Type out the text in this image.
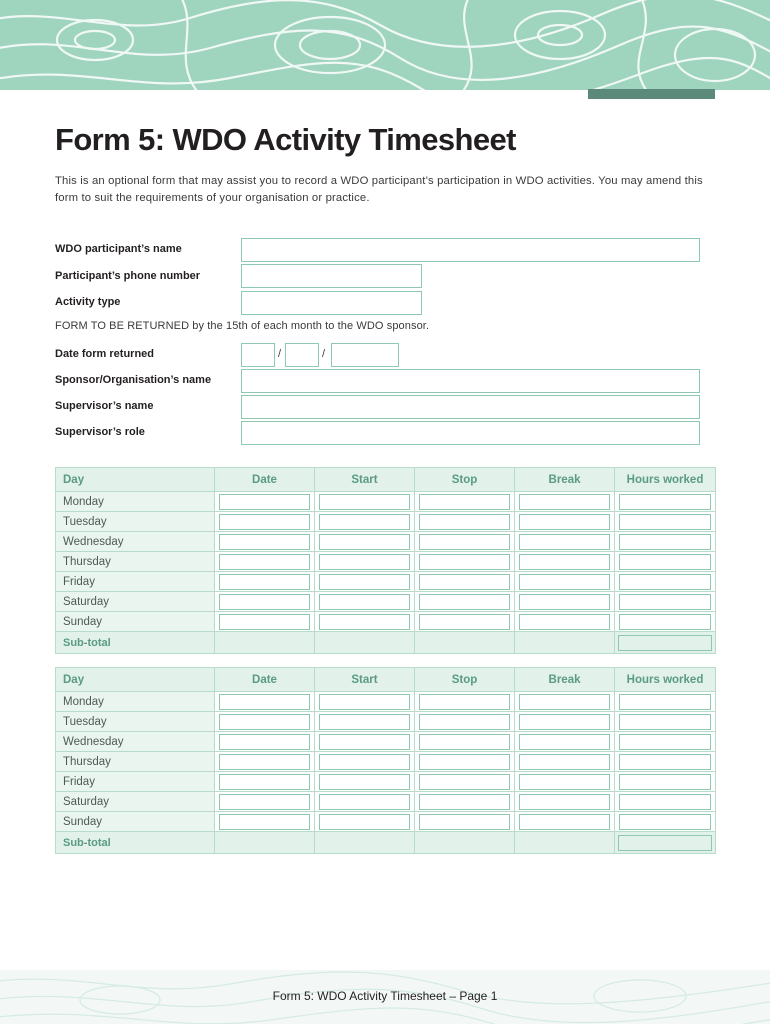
Form 5: WDO Activity Timesheet
This is an optional form that may assist you to record a WDO participant’s participation in WDO activities. You may amend this form to suit the requirements of your organisation or practice.
WDO participant’s name
Participant’s phone number
Activity type
FORM TO BE RETURNED by the 15th of each month to the WDO sponsor.
Date form returned	/	/
Sponsor/Organisation’s name
Supervisor’s name
Supervisor’s role
Day	Date	Start	Stop	Break	Hours worked
Monday	

Tuesday	

Wednesday	

Thursday	

Friday	

Saturday	

Sunday	

Sub-total					
Day	Date	Start	Stop	Break	Hours worked
Monday	

Tuesday	

Wednesday	

Thursday	

Friday	

Saturday	

Sunday	

Sub-total					
Form 5: WDO Activity Timesheet – Page 1
